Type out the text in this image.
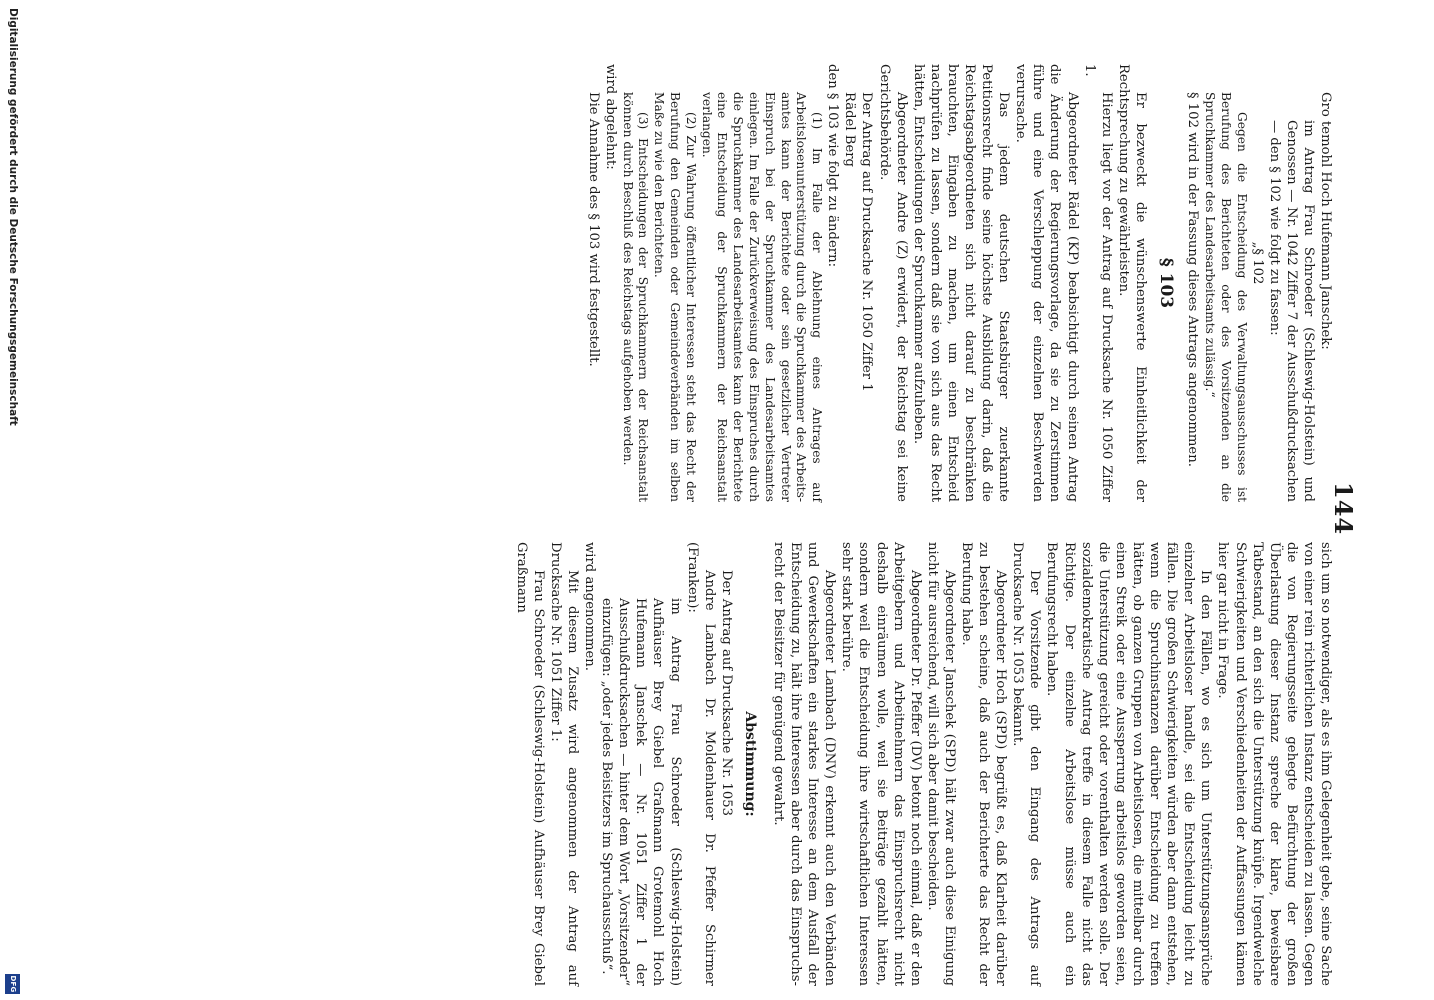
144

Gro temohl Hoch Hufemann Janschek:

im Antrag Frau Schroeder (Schleswig-Holstein) und Genossen — Nr. 1042 Ziffer 7 der Ausschußdrucksachen — den § 102 wie folgt zu fassen:

„§ 102

Gegen die Entscheidung des Verwaltungsausschusses ist Berufung des Berichteten oder des Vorsitzenden an die Spruchkammer des Landesarbeitsamts zulässig.“

§ 102 wird in der Fassung dieses Antrags angenommen.

§ 103

Er bezweckt die wünschenswerte Einheitlichkeit der Rechtsprechung zu gewährleisten.

Hierzu liegt vor der Antrag auf Drucksache Nr. 1050 Ziffer 1.

Abgeordneter Rädel (KP) beabsichtigt durch seinen Antrag die Änderung der Regierungsvorlage, da sie zu Zerstimmen führe und eine Verschleppung der einzelnen Beschwerden verursache.

Das jedem deutschen Staatsbürger zuerkannte Petitionsrecht finde seine höchste Ausbildung darin, daß die Reichstagsabgeordneten sich nicht darauf zu beschränken brauchten, Eingaben zu machen, um einen Entscheid nachprüfen zu lassen, sondern daß sie von sich aus das Recht hätten, Entscheidungen der Spruchkammer aufzuheben.

Abgeordneter Andre (Z) erwidert, der Reichstag sei keine Gerichtsbehörde.

Der Antrag auf Drucksache Nr. 1050 Ziffer 1

Rädel Berg

den § 103 wie folgt zu ändern:

(1) Im Falle der Ablehnung eines Antrages auf Arbeitslosenunterstützung durch die Spruchkammer des Arbeitsamtes kann der Berichtete oder sein gesetzlicher Vertreter Einspruch bei der Spruchkammer des Landesarbeitsamtes einlegen. Im Falle der Zurückverweisung des Einspruches durch die Spruchkammer des Landesarbeitsamtes kann der Berichtete eine Entscheidung der Spruchkammern der Reichsanstalt verlangen.

(2) Zur Wahrung öffentlicher Interessen steht das Recht der Berufung den Gemeinden oder Gemeindeverbänden im selben Maße zu wie den Berichteten.

(3) Entscheidungen der Spruchkammern der Reichsanstalt können durch Beschluß des Reichstags aufgehoben werden.

wird abgelehnt:

Die Annahme des § 103 wird festgestellt.

sich um so notwendiger, als es ihm Gelegenheit gebe, seine Sache von einer rein richterlichen Instanz entscheiden zu lassen. Gegen die von Regierungsseite gehegte Befürchtung der großen Überlastung dieser Instanz spreche der klare, beweisbare Tatbestand, an den sich die Unterstützung knüpfe. Irgendwelche Schwierigkeiten und Verschiedenheiten der Auffassungen kämen hier gar nicht in Frage.

In den Fällen, wo es sich um Unterstützungsansprüche einzelner Arbeitsloser handle, sei die Entscheidung leicht zu fällen. Die großen Schwierigkeiten würden aber dann entstehen, wenn die Spruchinstanzen darüber Entscheidung zu treffen hätten, ob ganzen Gruppen von Arbeitslosen, die mittelbar durch einen Streik oder eine Aussperrung arbeitslos geworden seien, die Unterstützung gereicht oder vorenthalten werden solle. Der sozialdemokratische Antrag treffe in diesem Falle nicht das Richtige. Der einzelne Arbeitslose müsse auch ein Berufungsrecht haben.

Der Vorsitzende gibt den Eingang des Antrags auf Drucksache Nr. 1053 bekannt.

Abgeordneter Hoch (SPD) begrüßt es, daß Klarheit darüber zu bestehen scheine, daß auch der Berichterte das Recht der Berufung habe.

Abgeordneter Janschek (SPD) hält zwar auch diese Einigung nicht für ausreichend, will sich aber damit bescheiden.

Abgeordneter Dr. Pfeffer (DV) betont noch einmal, daß er den Arbeitgebern und Arbeitnehmern das Einspruchsrecht nicht deshalb einräumen wolle, weil sie Beiträge gezahlt hätten, sondern weil die Entscheidung ihre wirtschaftlichen Interessen sehr stark berühre.

Abgeordneter Lambach (DNV) erkennt auch den Verbänden und Gewerkschaften ein starkes Interesse an dem Ausfall der Entscheidung zu, hält ihre Interessen aber durch das Einspruchsrecht der Beisitzer für genügend gewahrt.

Abstimmung:

Der Antrag auf Drucksache Nr. 1053

Andre Lambach Dr. Moldenhauer Dr. Pfeffer Schirmer (Franken):

im Antrag Frau Schroeder (Schleswig-Holstein) Aufhäuser Brey Giebel Graßmann Grotemohl Hoch Hufemann Janschek — Nr. 1051 Ziffer 1 der Ausschußdrucksachen — hinter dem Wort „Vorsitzender“ einzufügen: „oder jedes Beisitzers im Spruchausschuß“.

wird angenommen.

Mit diesem Zusatz wird angenommen der Antrag auf Drucksache Nr. 1051 Ziffer 1:

Frau Schroeder (Schleswig-Holstein) Aufhäuser Brey Giebel Graßmann

Digitalisierung gefördert durch die Deutsche Forschungsgemeinschaft
DFG
